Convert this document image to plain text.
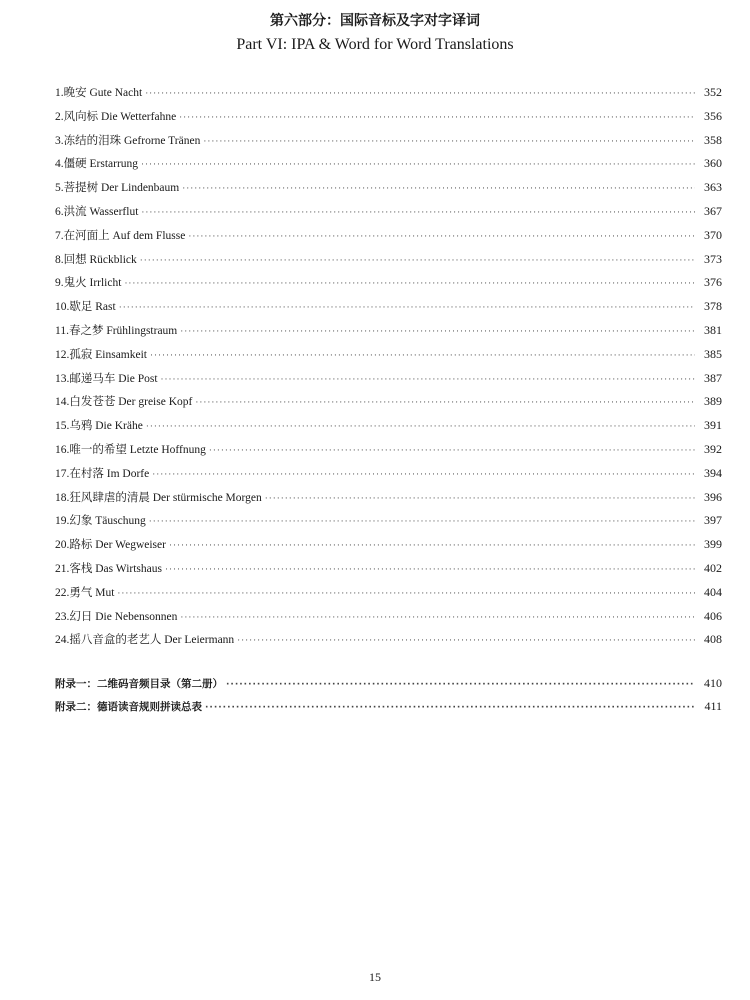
第六部分：国际音标及字对字译词
Part VI: IPA & Word for Word Translations
1. 晚安 Gute Nacht ·····	352
2. 风向标 Die Wetterfahne ·····	356
3. 冻结的泪珠 Gefrorne Tränen ·····	358
4. 僵硬 Erstarrung ·····	360
5. 菩提树 Der Lindenbaum ·····	363
6. 洪流 Wasserflut ·····	367
7. 在河面上 Auf dem Flusse ·····	370
8. 回想 Rückblick ·····	373
9. 鬼火 Irrlicht ·····	376
10. 歇足 Rast ·····	378
11. 春之梦 Frühlingstraum ·····	381
12. 孤寂 Einsamkeit ·····	385
13. 邮递马车 Die Post ·····	387
14. 白发苍苍 Der greise Kopf ·····	389
15. 乌鸦 Die Krähe ·····	391
16. 唯一的希望 Letzte Hoffnung ·····	392
17. 在村落 Im Dorfe ·····	394
18. 狂风肆虐的清晨 Der stürmische Morgen ·····	396
19. 幻象 Täuschung ·····	397
20. 路标 Der Wegweiser ·····	399
21. 客栈 Das Wirtshaus ·····	402
22. 勇气 Mut ·····	404
23. 幻日 Die Nebensonnen ·····	406
24. 摇八音盒的老艺人 Der Leiermann ·····	408
附录一：二维码音频目录（第二册） ·····	410
附录二：德语读音规则拼读总表 ·····	411
15
